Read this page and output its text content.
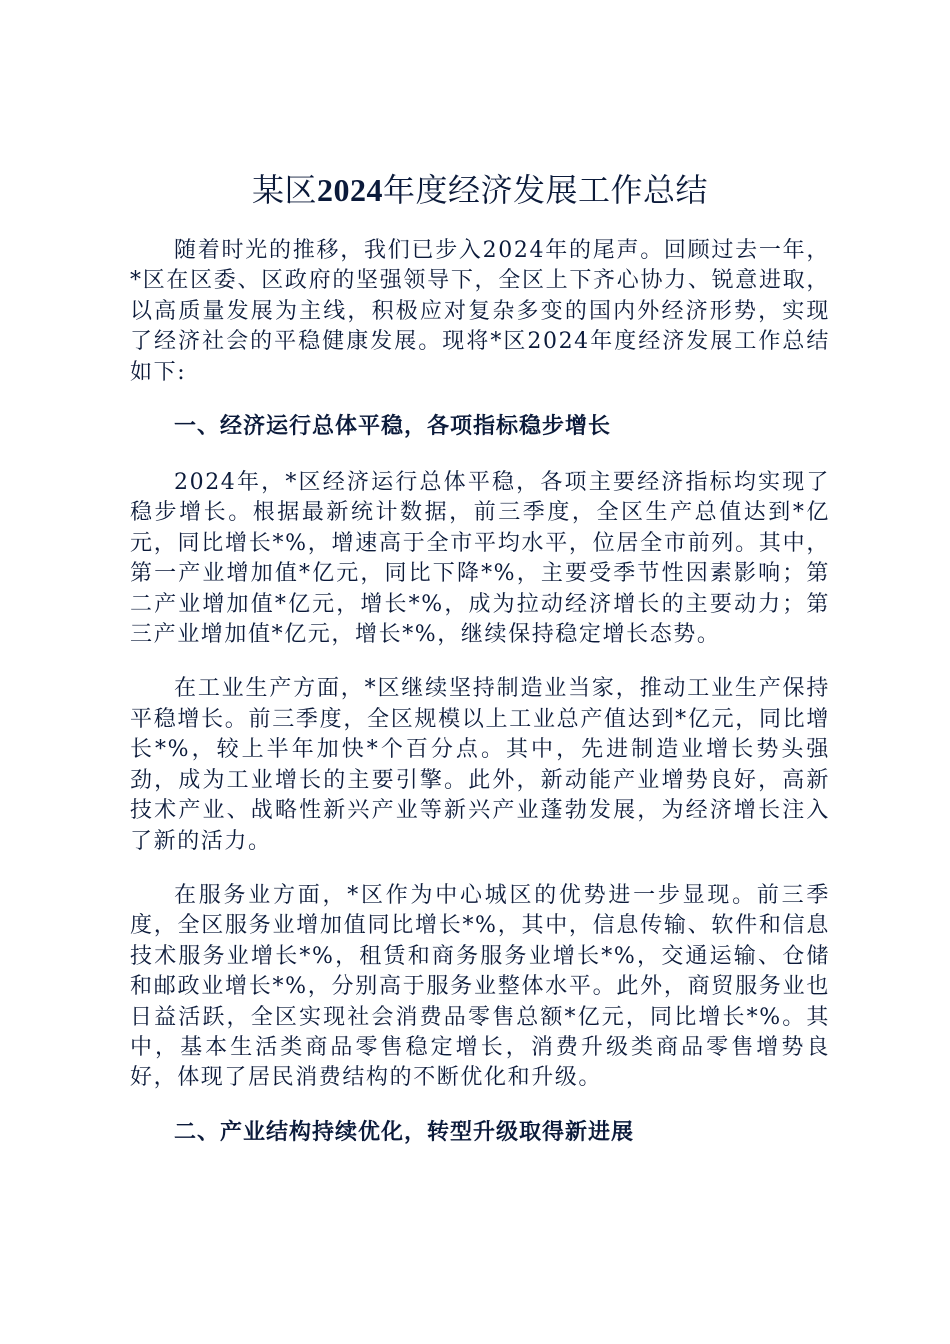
某区2024年度经济发展工作总结

随着时光的推移，我们已步入2024年的尾声。回顾过去一年，*区在区委、区政府的坚强领导下，全区上下齐心协力、锐意进取，以高质量发展为主线，积极应对复杂多变的国内外经济形势，实现了经济社会的平稳健康发展。现将*区2024年度经济发展工作总结如下:

一、经济运行总体平稳，各项指标稳步增长

2024年，*区经济运行总体平稳，各项主要经济指标均实现了稳步增长。根据最新统计数据，前三季度，全区生产总值达到*亿元，同比增长*%，增速高于全市平均水平，位居全市前列。其中，第一产业增加值*亿元，同比下降*%，主要受季节性因素影响；第二产业增加值*亿元，增长*%，成为拉动经济增长的主要动力；第三产业增加值*亿元，增长*%，继续保持稳定增长态势。

在工业生产方面，*区继续坚持制造业当家，推动工业生产保持平稳增长。前三季度，全区规模以上工业总产值达到*亿元，同比增长*%，较上半年加快*个百分点。其中，先进制造业增长势头强劲，成为工业增长的主要引擎。此外，新动能产业增势良好，高新技术产业、战略性新兴产业等新兴产业蓬勃发展，为经济增长注入了新的活力。

在服务业方面，*区作为中心城区的优势进一步显现。前三季度，全区服务业增加值同比增长*%，其中，信息传输、软件和信息技术服务业增长*%，租赁和商务服务业增长*%，交通运输、仓储和邮政业增长*%，分别高于服务业整体水平。此外，商贸服务业也日益活跃，全区实现社会消费品零售总额*亿元，同比增长*%。其中，基本生活类商品零售稳定增长，消费升级类商品零售增势良好，体现了居民消费结构的不断优化和升级。

二、产业结构持续优化，转型升级取得新进展
